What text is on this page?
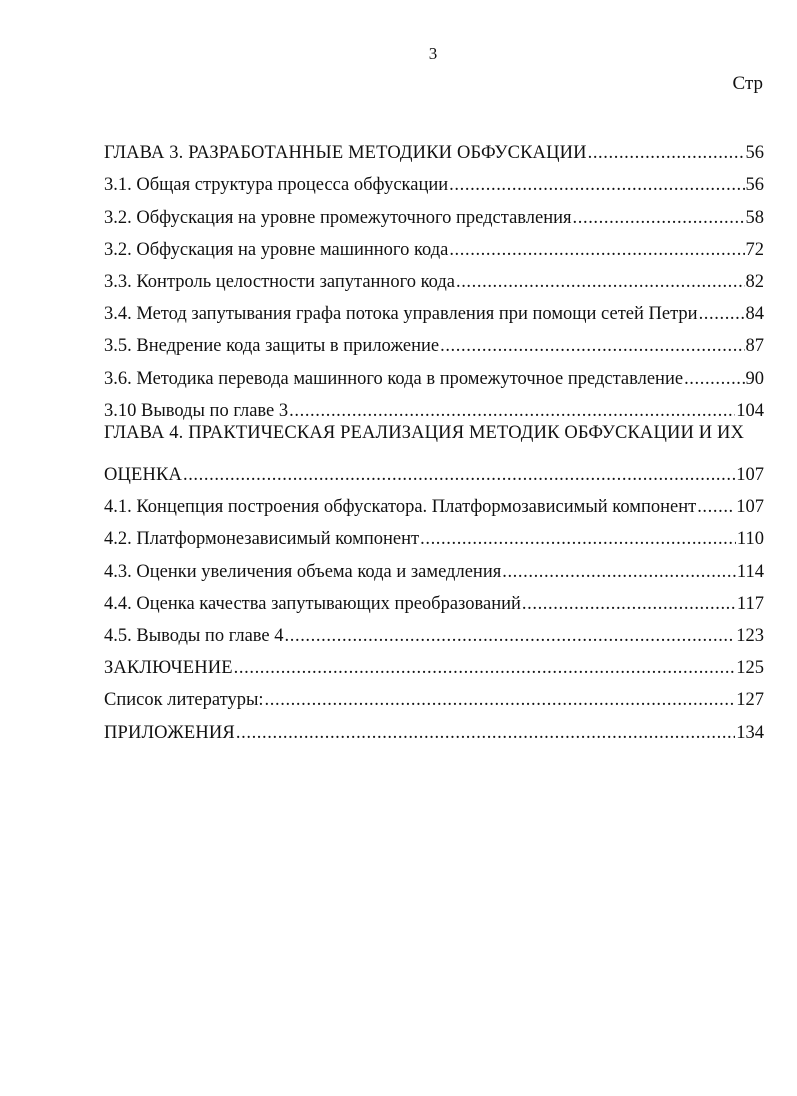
3
Стр
ГЛАВА 3. РАЗРАБОТАННЫЕ МЕТОДИКИ ОБФУСКАЦИИ .....	56
3.1. Общая структура процесса обфускации .....	56
3.2. Обфускация на уровне промежуточного представления .....	58
3.2. Обфускация на уровне машинного кода .....	72
3.3. Контроль целостности запутанного кода .....	82
3.4. Метод запутывания графа потока управления при помощи сетей Петри .....	84
3.5. Внедрение кода защиты в приложение .....	87
3.6. Методика перевода машинного кода в промежуточное представление .....	90
3.10 Выводы по главе 3 .....	104
ГЛАВА 4. ПРАКТИЧЕСКАЯ РЕАЛИЗАЦИЯ МЕТОДИК ОБФУСКАЦИИ И ИХ
ОЦЕНКА .....	107
4.1. Концепция построения обфускатора. Платформозависимый компонент ..... 107
4.2. Платформонезависимый компонент .....	110
4.3. Оценки увеличения объема кода и замедления .....	114
4.4. Оценка качества запутывающих преобразований .....	117
4.5. Выводы по главе 4 .....	123
ЗАКЛЮЧЕНИЕ .....	125
Список литературы: .....	127
ПРИЛОЖЕНИЯ .....	134
